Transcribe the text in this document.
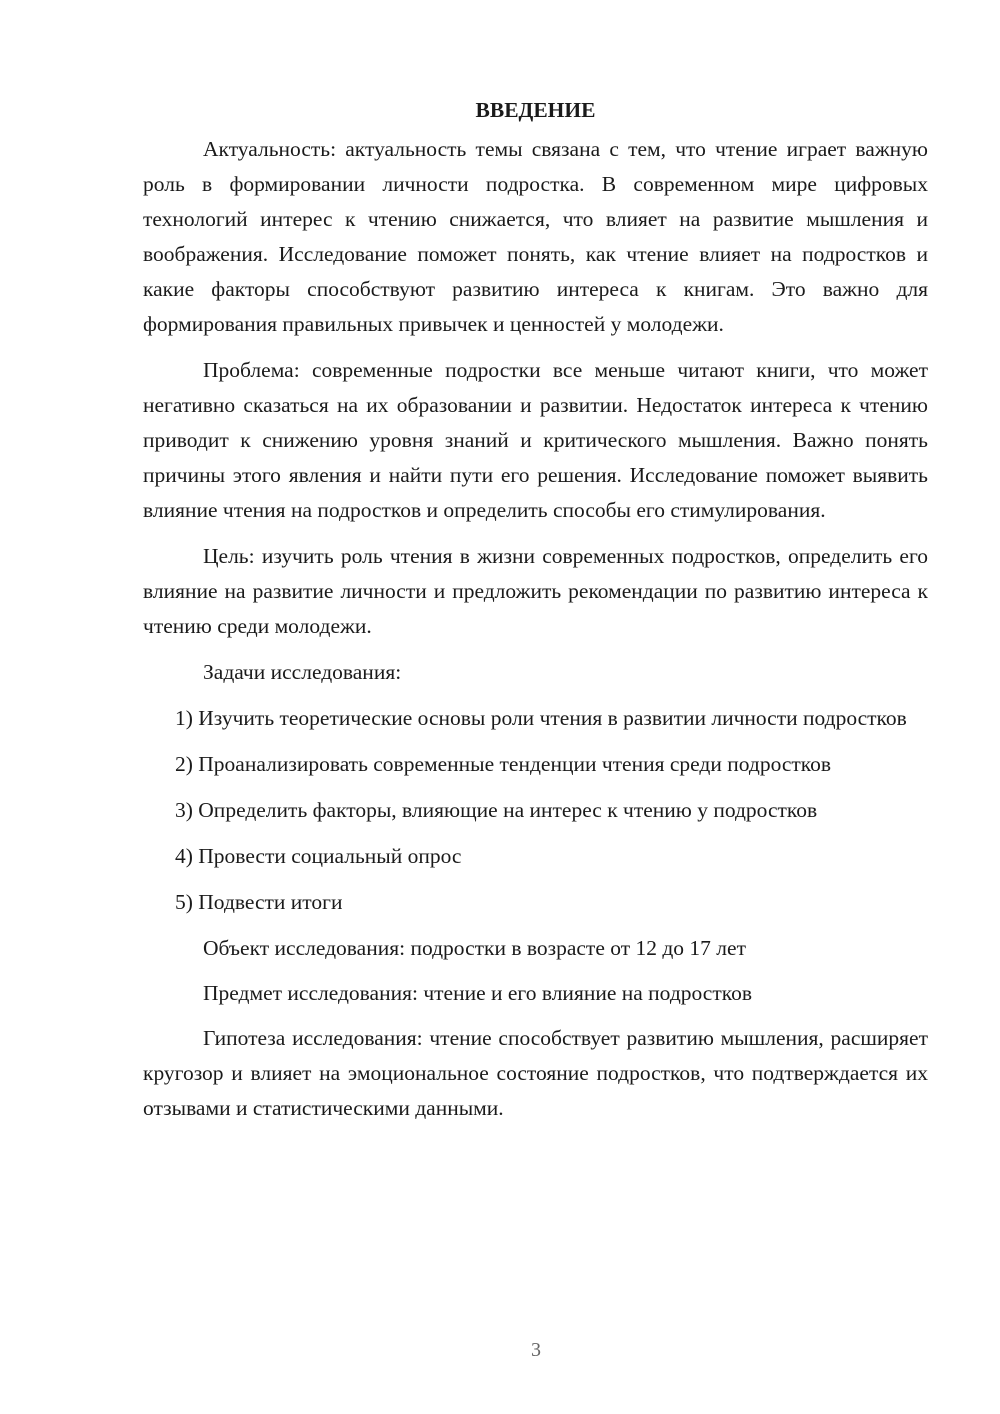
ВВЕДЕНИЕ

Актуальность: актуальность темы связана с тем, что чтение играет важную роль в формировании личности подростка. В современном мире цифровых технологий интерес к чтению снижается, что влияет на развитие мышления и воображения. Исследование поможет понять, как чтение влияет на подростков и какие факторы способствуют развитию интереса к книгам. Это важно для формирования правильных привычек и ценностей у молодежи.

Проблема: современные подростки все меньше читают книги, что может негативно сказаться на их образовании и развитии. Недостаток интереса к чтению приводит к снижению уровня знаний и критического мышления. Важно понять причины этого явления и найти пути его решения. Исследование поможет выявить влияние чтения на подростков и определить способы его стимулирования.

Цель: изучить роль чтения в жизни современных подростков, определить его влияние на развитие личности и предложить рекомендации по развитию интереса к чтению среди молодежи.

Задачи исследования:

1) Изучить теоретические основы роли чтения в развитии личности подростков

2) Проанализировать современные тенденции чтения среди подростков

3) Определить факторы, влияющие на интерес к чтению у подростков

4) Провести социальный опрос

5) Подвести итоги

Объект исследования: подростки в возрасте от 12 до 17 лет

Предмет исследования: чтение и его влияние на подростков

Гипотеза исследования: чтение способствует развитию мышления, расширяет кругозор и влияет на эмоциональное состояние подростков, что подтверждается их отзывами и статистическими данными.

3
